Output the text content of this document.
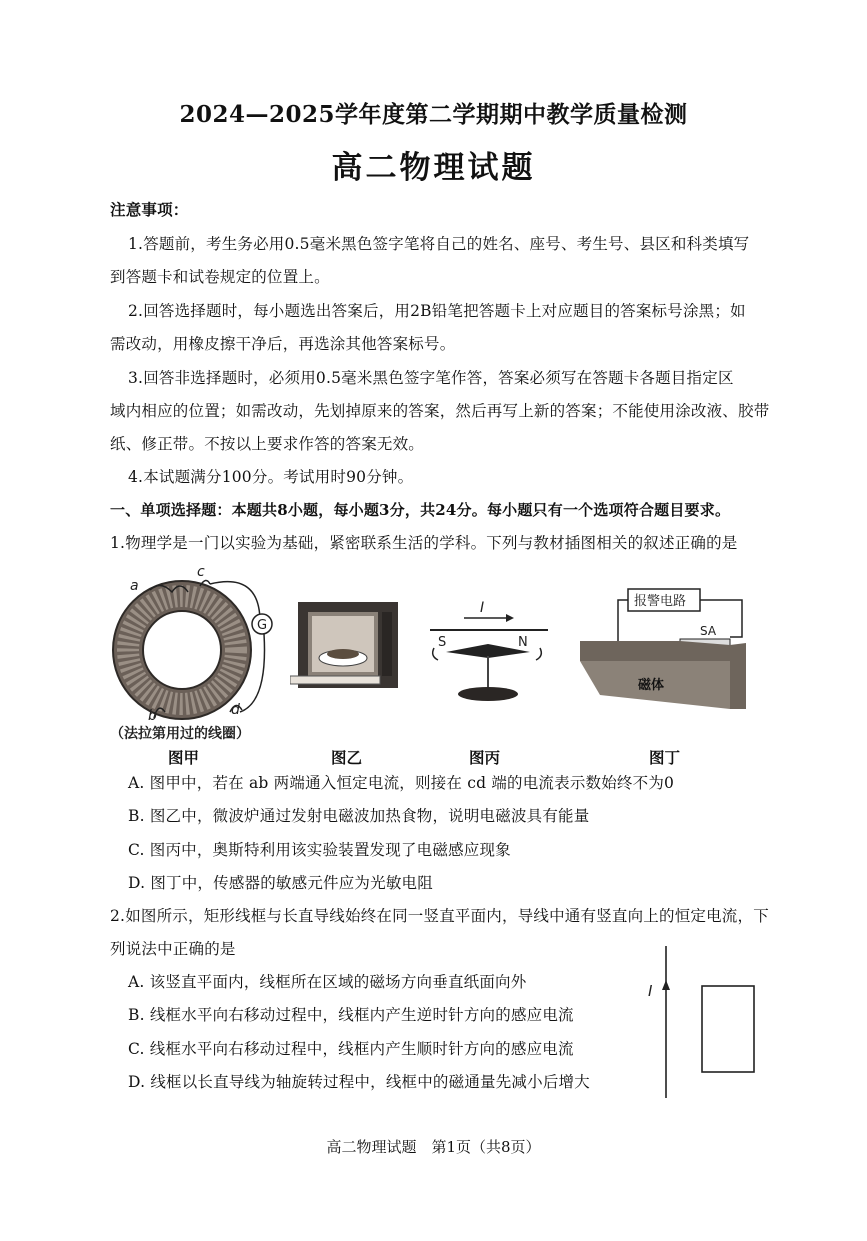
2024—2025学年度第二学期期中教学质量检测
高二物理试题
注意事项：
1.答题前，考生务必用0.5毫米黑色签字笔将自己的姓名、座号、考生号、县区和科类填写
到答题卡和试卷规定的位置上。
2.回答选择题时，每小题选出答案后，用2B铅笔把答题卡上对应题目的答案标号涂黑；如
需改动，用橡皮擦干净后，再选涂其他答案标号。
3.回答非选择题时，必须用0.5毫米黑色签字笔作答，答案必须写在答题卡各题目指定区
域内相应的位置；如需改动，先划掉原来的答案，然后再写上新的答案；不能使用涂改液、胶带
纸、修正带。不按以上要求作答的答案无效。
4.本试题满分100分。考试用时90分钟。
一、单项选择题：本题共8小题，每小题3分，共24分。每小题只有一个选项符合题目要求。
1.物理学是一门以实验为基础，紧密联系生活的学科。下列与教材插图相关的叙述正确的是
G
a
c
b	d
（法拉第用过的线圈）
I
S	N
报警电路
SA
磁体
图甲	图乙	图丙	图丁
A. 图甲中，若在 ab 两端通入恒定电流，则接在 cd 端的电流表示数始终不为0
B. 图乙中，微波炉通过发射电磁波加热食物，说明电磁波具有能量
C. 图丙中，奥斯特利用该实验装置发现了电磁感应现象
D. 图丁中，传感器的敏感元件应为光敏电阻
2.如图所示，矩形线框与长直导线始终在同一竖直平面内，导线中通有竖直向上的恒定电流，下
列说法中正确的是
A. 该竖直平面内，线框所在区域的磁场方向垂直纸面向外
B. 线框水平向右移动过程中，线框内产生逆时针方向的感应电流
C. 线框水平向右移动过程中，线框内产生顺时针方向的感应电流
D. 线框以长直导线为轴旋转过程中，线框中的磁通量先减小后增大
I
高二物理试题　第1页（共8页）
